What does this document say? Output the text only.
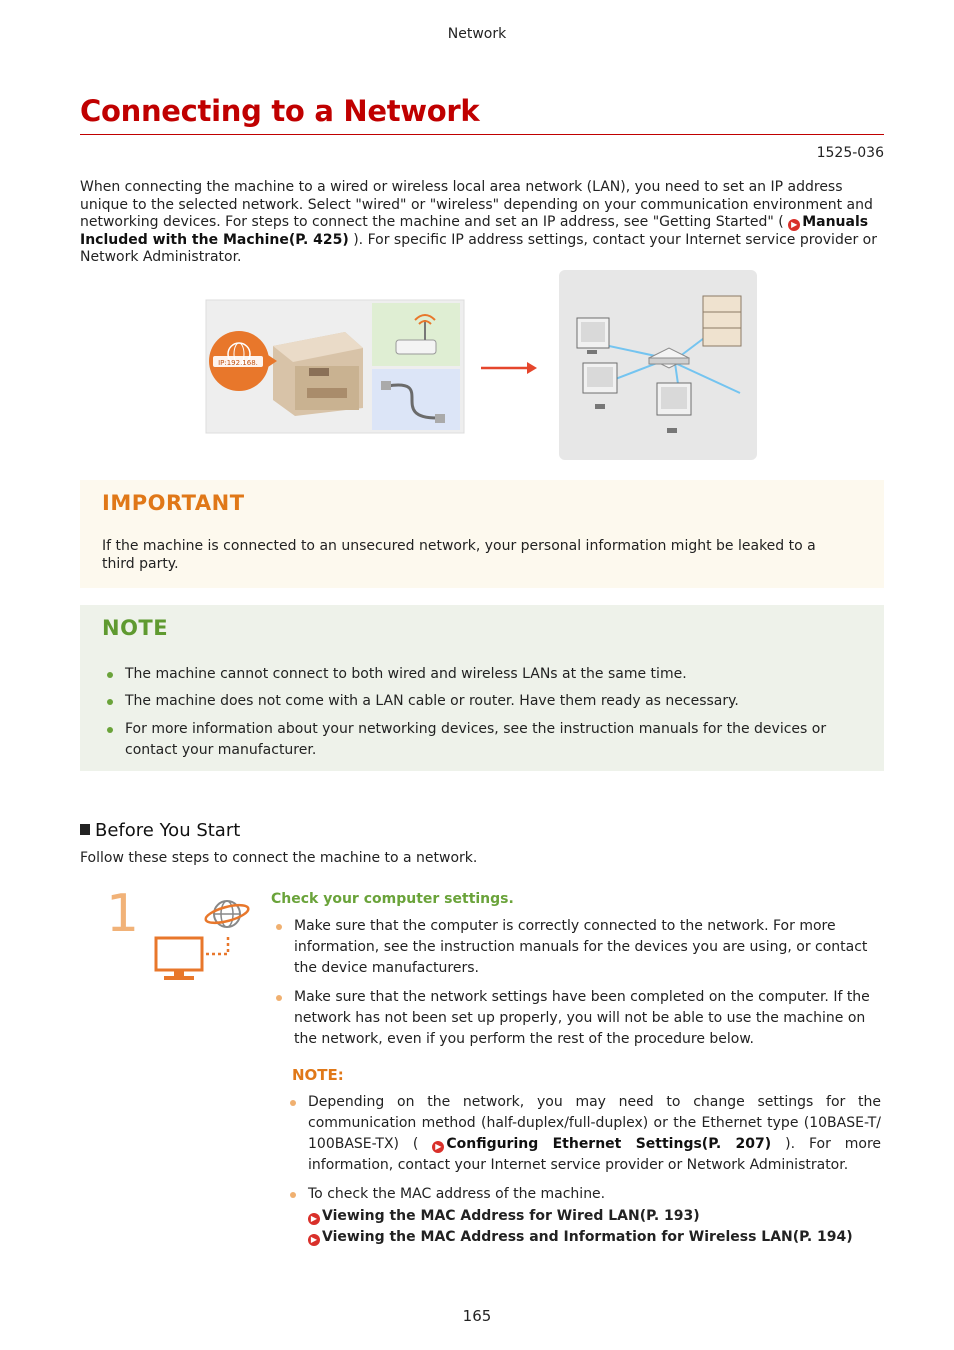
Network
Connecting to a Network
1525-036
When connecting the machine to a wired or wireless local area network (LAN), you need to set an IP address unique to the selected network. Select "wired" or "wireless" depending on your communication environment and networking devices. For steps to connect the machine and set an IP address, see "Getting Started" ( ▶ Manuals Included with the Machine(P. 425) ). For specific IP address settings, contact your Internet service provider or Network Administrator.
IP:192.168.
IMPORTANT
If the machine is connected to an unsecured network, your personal information might be leaked to a third party.
NOTE
The machine cannot connect to both wired and wireless LANs at the same time.
The machine does not come with a LAN cable or router. Have them ready as necessary.
For more information about your networking devices, see the instruction manuals for the devices or contact your manufacturer.
Before You Start
Follow these steps to connect the machine to a network.
1	Check your computer settings.
Make sure that the computer is correctly connected to the network. For more information, see the instruction manuals for the devices you are using, or contact the device manufacturers.
Make sure that the network settings have been completed on the computer. If the network has not been set up properly, you will not be able to use the machine on the network, even if you perform the rest of the procedure below.
NOTE:
Depending on the network, you may need to change settings for the communication method (half-duplex/full-duplex) or the Ethernet type (10BASE-T/ 100BASE-TX) ( ▶ Configuring Ethernet Settings(P. 207) ). For more information, contact your Internet service provider or Network Administrator.
To check the MAC address of the machine.
▶ Viewing the MAC Address for Wired LAN(P. 193)
▶ Viewing the MAC Address and Information for Wireless LAN(P. 194)
165
